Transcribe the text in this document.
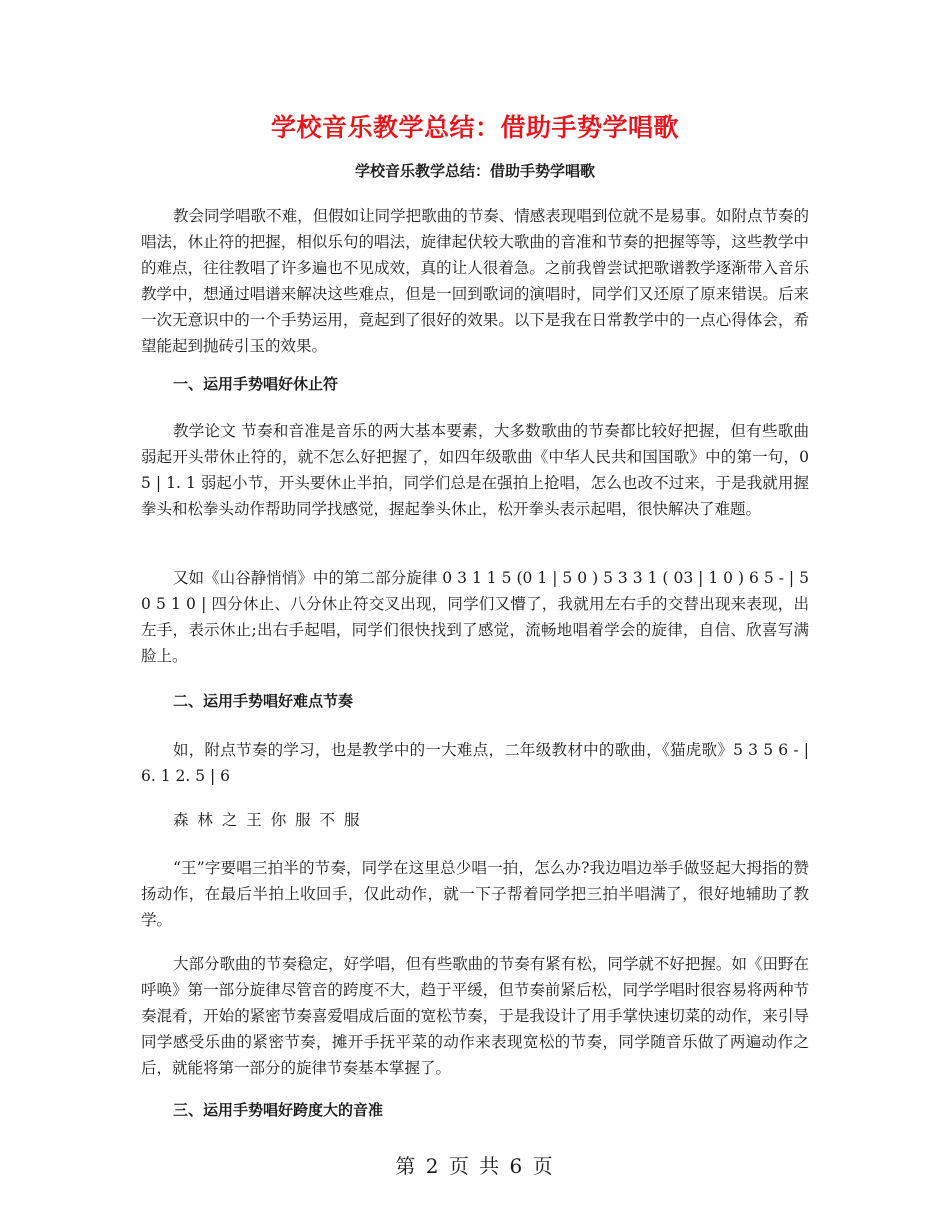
学校音乐教学总结：借助手势学唱歌
学校音乐教学总结：借助手势学唱歌

教会同学唱歌不难，但假如让同学把歌曲的节奏、情感表现唱到位就不是易事。如附点节奏的唱法，休止符的把握，相似乐句的唱法，旋律起伏较大歌曲的音准和节奏的把握等等，这些教学中的难点，往往教唱了许多遍也不见成效，真的让人很着急。之前我曾尝试把歌谱教学逐渐带入音乐教学中，想通过唱谱来解决这些难点，但是一回到歌词的演唱时，同学们又还原了原来错误。后来一次无意识中的一个手势运用，竟起到了很好的效果。以下是我在日常教学中的一点心得体会，希望能起到抛砖引玉的效果。

一、运用手势唱好休止符

教学论文 节奏和音准是音乐的两大基本要素，大多数歌曲的节奏都比较好把握，但有些歌曲弱起开头带休止符的，就不怎么好把握了，如四年级歌曲《中华人民共和国国歌》中的第一句，0 5 | 1. 1 弱起小节，开头要休止半拍，同学们总是在强拍上抢唱，怎么也改不过来，于是我就用握拳头和松拳头动作帮助同学找感觉，握起拳头休止，松开拳头表示起唱，很快解决了难题。

又如《山谷静悄悄》中的第二部分旋律 0 3 1 1 5 (0 1 | 5 0 ) 5 3 3 1 ( 03 | 1 0 ) 6 5 - | 5 0 5 1 0 | 四分休止、八分休止符交叉出现，同学们又懵了，我就用左右手的交替出现来表现，出左手，表示休止;出右手起唱，同学们很快找到了感觉，流畅地唱着学会的旋律，自信、欣喜写满脸上。

二、运用手势唱好难点节奏

如，附点节奏的学习，也是教学中的一大难点，二年级教材中的歌曲，《猫虎歌》5 3 5 6 - | 6. 1 2. 5 | 6

森 林 之 王 你 服 不 服

“王”字要唱三拍半的节奏，同学在这里总少唱一拍，怎么办?我边唱边举手做竖起大拇指的赞扬动作，在最后半拍上收回手，仅此动作，就一下子帮着同学把三拍半唱满了，很好地辅助了教学。

大部分歌曲的节奏稳定，好学唱，但有些歌曲的节奏有紧有松，同学就不好把握。如《田野在呼唤》第一部分旋律尽管音的跨度不大，趋于平缓，但节奏前紧后松，同学学唱时很容易将两种节奏混肴，开始的紧密节奏喜爱唱成后面的宽松节奏，于是我设计了用手掌快速切菜的动作，来引导同学感受乐曲的紧密节奏，摊开手抚平菜的动作来表现宽松的节奏，同学随音乐做了两遍动作之后，就能将第一部分的旋律节奏基本掌握了。

三、运用手势唱好跨度大的音准

第 2 页 共 6 页
